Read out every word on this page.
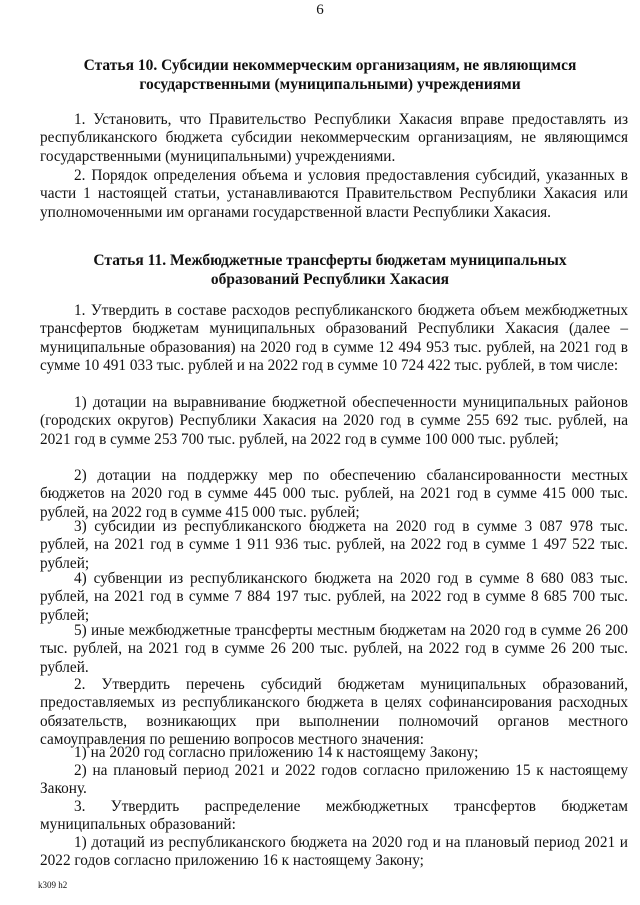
6
Статья 10. Субсидии некоммерческим организациям, не являющимся
государственными (муниципальными) учреждениями

1. Установить, что Правительство Республики Хакасия вправе предоставлять из республиканского бюджета субсидии некоммерческим организациям, не являющимся государственными (муниципальными) учреждениями.

2. Порядок определения объема и условия предоставления субсидий, указанных в части 1 настоящей статьи, устанавливаются Правительством Республики Хакасия или уполномоченными им органами государственной власти Республики Хакасия.

Статья 11. Межбюджетные трансферты бюджетам муниципальных
образований Республики Хакасия

1. Утвердить в составе расходов республиканского бюджета объем межбюджетных трансфертов бюджетам муниципальных образований Республики Хакасия (далее – муниципальные образования) на 2020 год в сумме 12 494 953 тыс. рублей, на 2021 год в сумме 10 491 033 тыс. рублей и на 2022 год в сумме 10 724 422 тыс. рублей, в том числе:

1) дотации на выравнивание бюджетной обеспеченности муниципальных районов (городских округов) Республики Хакасия на 2020 год в сумме 255 692 тыс. рублей, на 2021 год в сумме 253 700 тыс. рублей, на 2022 год в сумме 100 000 тыс. рублей;

2) дотации на поддержку мер по обеспечению сбалансированности местных бюджетов на 2020 год в сумме 445 000 тыс. рублей, на 2021 год в сумме 415 000 тыс. рублей, на 2022 год в сумме 415 000 тыс. рублей;

3) субсидии из республиканского бюджета на 2020 год в сумме 3 087 978 тыс. рублей, на 2021 год в сумме 1 911 936 тыс. рублей, на 2022 год в сумме 1 497 522 тыс. рублей;

4) субвенции из республиканского бюджета на 2020 год в сумме 8 680 083 тыс. рублей, на 2021 год в сумме 7 884 197 тыс. рублей, на 2022 год в сумме 8 685 700 тыс. рублей;

5) иные межбюджетные трансферты местным бюджетам на 2020 год в сумме 26 200 тыс. рублей, на 2021 год в сумме 26 200 тыс. рублей, на 2022 год в сумме 26 200 тыс. рублей.

2. Утвердить перечень субсидий бюджетам муниципальных образований, предоставляемых из республиканского бюджета в целях софинансирования расходных обязательств, возникающих при выполнении полномочий органов местного самоуправления по решению вопросов местного значения:

1) на 2020 год согласно приложению 14 к настоящему Закону;

2) на плановый период 2021 и 2022 годов согласно приложению 15 к настоящему Закону.

3. Утвердить распределение межбюджетных трансфертов бюджетам муниципальных образований:

1) дотаций из республиканского бюджета на 2020 год и на плановый период 2021 и 2022 годов согласно приложению 16 к настоящему Закону;

k309 h2
